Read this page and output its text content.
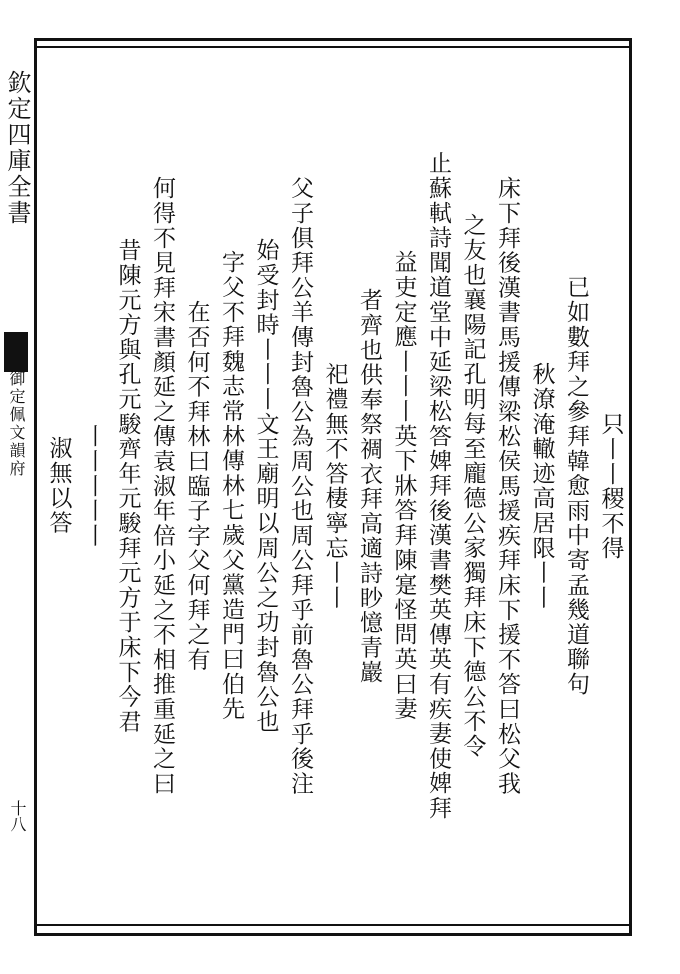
欽定四庫全書
御定佩文韻府
十八
只丨丨稷不得
已如數拜之參拜韓愈雨中寄孟幾道聯句
秋潦淹轍迹高居限丨丨
床下拜後漢書馬援傳梁松侯馬援疾拜床下援不答曰松父我
之友也襄陽記孔明每至龐德公家獨拜床下德公不令
止蘇軾詩聞道堂中延梁松答婢拜後漢書樊英傳英有疾妻使婢拜
益吏定應丨丨丨英下牀答拜陳寔怪問英曰妻
者齊也供奉祭禂衣拜高適詩眇憶青巖
祀禮無不答棲寧忘丨丨
父子俱拜公羊傳封魯公為周公也周公拜乎前魯公拜乎後注
始受封時丨丨丨文王廟明以周公之功封魯公也
字父不拜魏志常林傳林七歲父黨造門曰伯先
在否何不拜林曰臨子字父何拜之有
何得不見拜宋書顏延之傳袁淑年倍小延之不相推重延之曰
昔陳元方與孔元駿齊年元駿拜元方于床下今君
丨丨丨丨丨
淑無以答
